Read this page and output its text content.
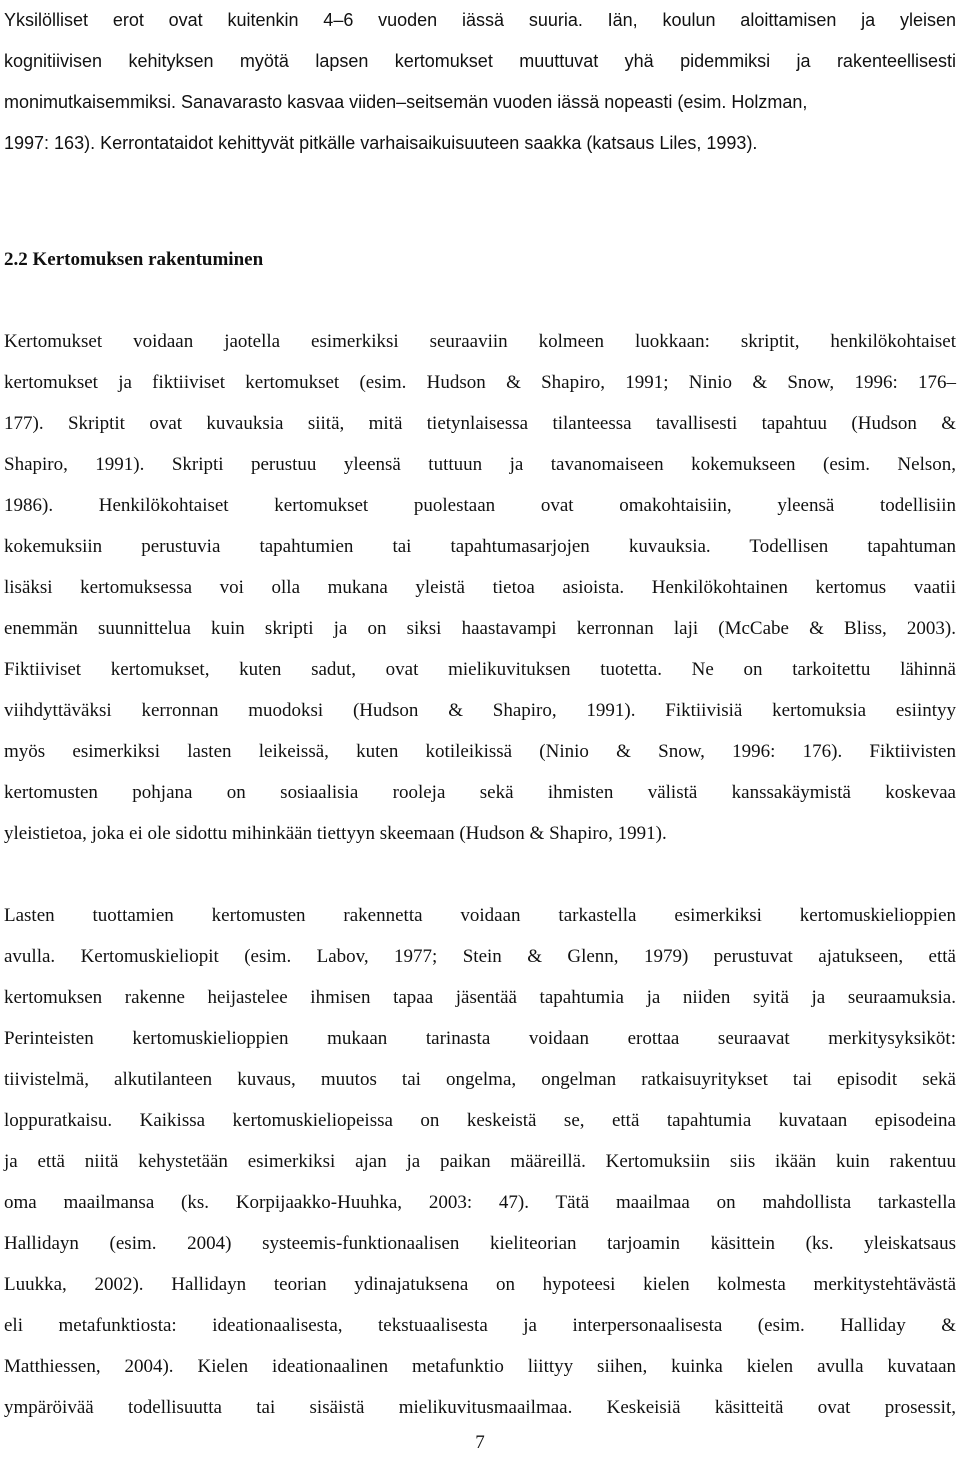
Yksilölliset erot ovat kuitenkin 4–6 vuoden iässä suuria. Iän, koulun aloittamisen ja yleisen
kognitiivisen kehityksen myötä lapsen kertomukset muuttuvat yhä pidemmiksi ja rakenteellisesti
monimutkaisemmiksi. Sanavarasto kasvaa viiden–seitsemän vuoden iässä nopeasti (esim. Holzman,
1997: 163). Kerrontataidot kehittyvät pitkälle varhaisaikuisuuteen saakka (katsaus Liles, 1993).
2.2 Kertomuksen rakentuminen
Kertomukset voidaan jaotella esimerkiksi seuraaviin kolmeen luokkaan: skriptit, henkilökohtaiset
kertomukset ja fiktiiviset kertomukset (esim. Hudson & Shapiro, 1991; Ninio & Snow, 1996: 176–
177). Skriptit ovat kuvauksia siitä, mitä tietynlaisessa tilanteessa tavallisesti tapahtuu (Hudson &
Shapiro, 1991). Skripti perustuu yleensä tuttuun ja tavanomaiseen kokemukseen (esim. Nelson,
1986). Henkilökohtaiset kertomukset puolestaan ovat omakohtaisiin, yleensä todellisiin
kokemuksiin perustuvia tapahtumien tai tapahtumasarjojen kuvauksia. Todellisen tapahtuman
lisäksi kertomuksessa voi olla mukana yleistä tietoa asioista. Henkilökohtainen kertomus vaatii
enemmän suunnittelua kuin skripti ja on siksi haastavampi kerronnan laji (McCabe & Bliss, 2003).
Fiktiiviset kertomukset, kuten sadut, ovat mielikuvituksen tuotetta. Ne on tarkoitettu lähinnä
viihdyttäväksi kerronnan muodoksi (Hudson & Shapiro, 1991). Fiktiivisiä kertomuksia esiintyy
myös esimerkiksi lasten leikeissä, kuten kotileikissä (Ninio & Snow, 1996: 176). Fiktiivisten
kertomusten pohjana on sosiaalisia rooleja sekä ihmisten välistä kanssakäymistä koskevaa
yleistietoa, joka ei ole sidottu mihinkään tiettyyn skeemaan (Hudson & Shapiro, 1991).
Lasten tuottamien kertomusten rakennetta voidaan tarkastella esimerkiksi kertomuskielioppien
avulla. Kertomuskieliopit (esim. Labov, 1977; Stein & Glenn, 1979) perustuvat ajatukseen, että
kertomuksen rakenne heijastelee ihmisen tapaa jäsentää tapahtumia ja niiden syitä ja seuraamuksia.
Perinteisten kertomuskielioppien mukaan tarinasta voidaan erottaa seuraavat merkitysyksiköt:
tiivistelmä, alkutilanteen kuvaus, muutos tai ongelma, ongelman ratkaisuyritykset tai episodit sekä
loppuratkaisu. Kaikissa kertomuskieliopeissa on keskeistä se, että tapahtumia kuvataan episodeina
ja että niitä kehystetään esimerkiksi ajan ja paikan määreillä. Kertomuksiin siis ikään kuin rakentuu
oma maailmansa (ks. Korpijaakko-Huuhka, 2003: 47). Tätä maailmaa on mahdollista tarkastella
Hallidayn (esim. 2004) systeemis-funktionaalisen kieliteorian tarjoamin käsittein (ks. yleiskatsaus
Luukka, 2002). Hallidayn teorian ydinajatuksena on hypoteesi kielen kolmesta merkitystehtävästä
eli metafunktiosta: ideationaalisesta, tekstuaalisesta ja interpersonaalisesta (esim. Halliday &
Matthiessen, 2004). Kielen ideationaalinen metafunktio liittyy siihen, kuinka kielen avulla kuvataan
ympäröivää todellisuutta tai sisäistä mielikuvitusmaailmaa. Keskeisiä käsitteitä ovat prosessit,
7
